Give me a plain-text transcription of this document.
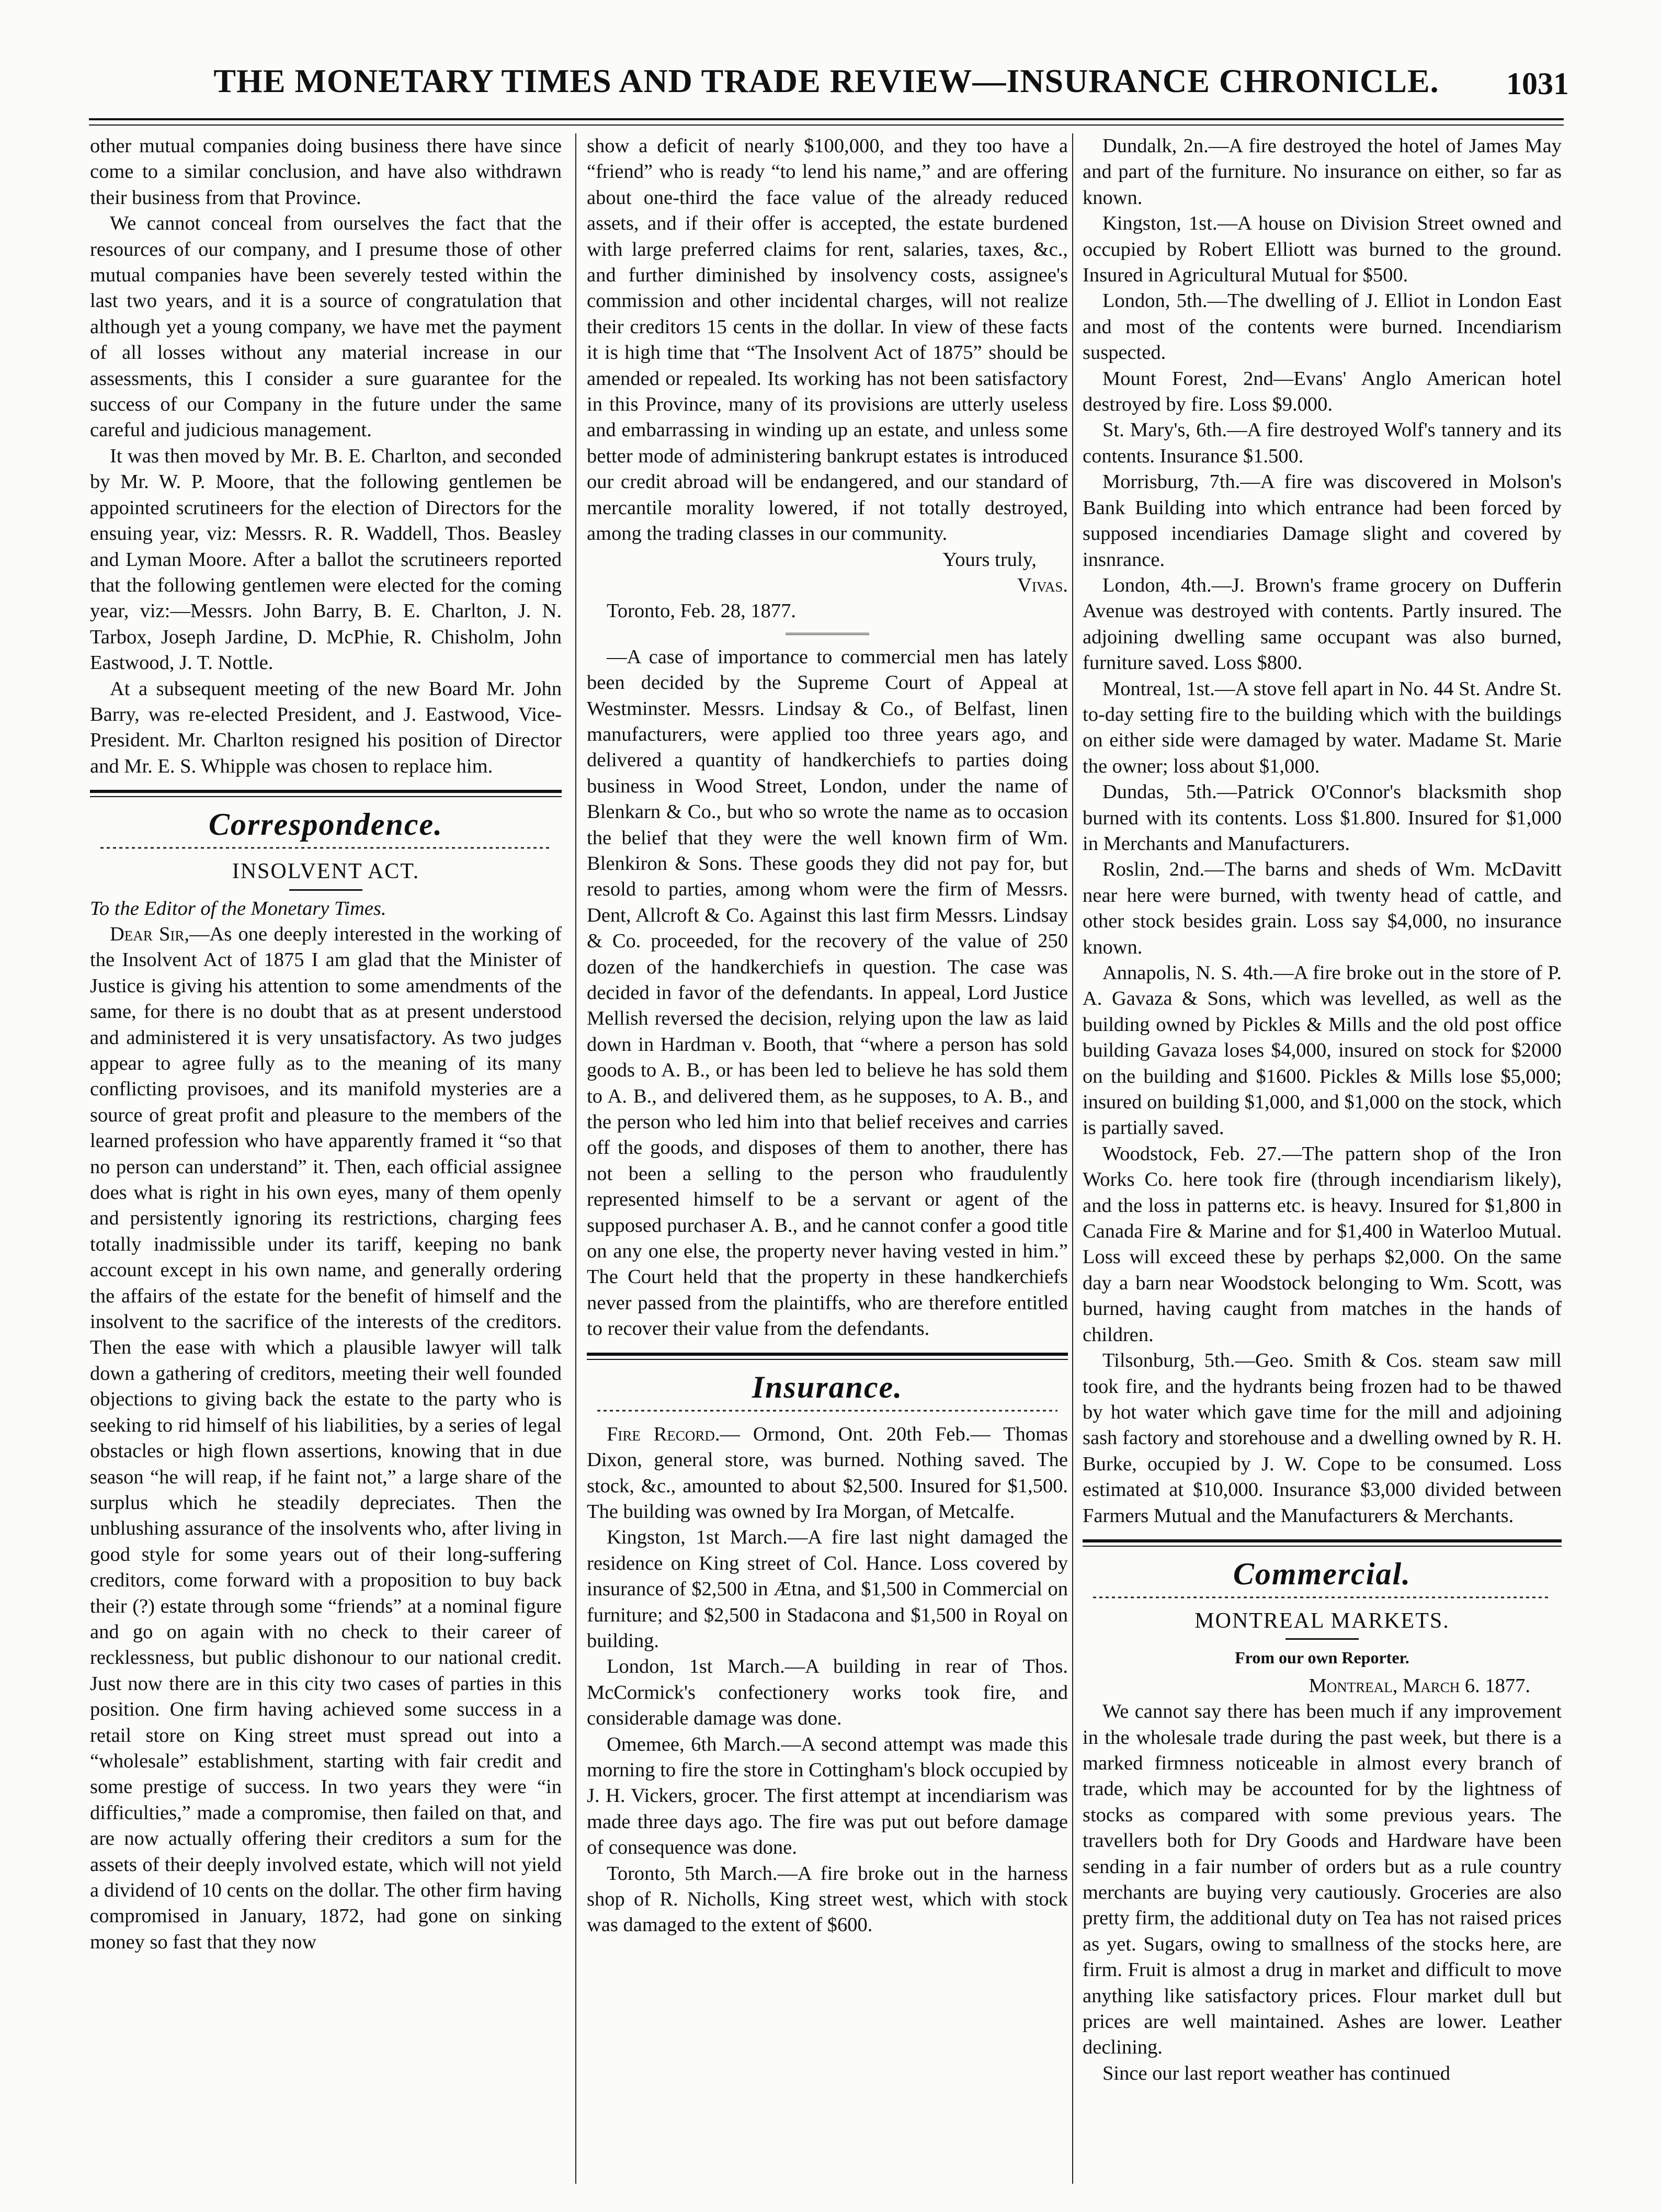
THE MONETARY TIMES AND TRADE REVIEW—INSURANCE CHRONICLE.	1031

other mutual companies doing business there have since come to a similar conclusion, and have also withdrawn their business from that Province.

We cannot conceal from ourselves the fact that the resources of our company, and I presume those of other mutual companies have been severely tested within the last two years, and it is a source of congratulation that although yet a young company, we have met the payment of all losses without any material increase in our assessments, this I consider a sure guarantee for the success of our Company in the future under the same careful and judicious management.

It was then moved by Mr. B. E. Charlton, and seconded by Mr. W. P. Moore, that the following gentlemen be appointed scrutineers for the election of Directors for the ensuing year, viz: Messrs. R. R. Waddell, Thos. Beasley and Lyman Moore. After a ballot the scrutineers reported that the following gentlemen were elected for the coming year, viz:—Messrs. John Barry, B. E. Charlton, J. N. Tarbox, Joseph Jardine, D. McPhie, R. Chisholm, John Eastwood, J. T. Nottle.

At a subsequent meeting of the new Board Mr. John Barry, was re-elected President, and J. Eastwood, Vice-President. Mr. Charlton resigned his position of Director and Mr. E. S. Whipple was chosen to replace him.

Correspondence.
INSOLVENT ACT.

To the Editor of the Monetary Times.

Dear Sir,—As one deeply interested in the working of the Insolvent Act of 1875 I am glad that the Minister of Justice is giving his attention to some amendments of the same, for there is no doubt that as at present understood and administered it is very unsatisfactory. As two judges appear to agree fully as to the meaning of its many conflicting provisoes, and its manifold mysteries are a source of great profit and pleasure to the members of the learned profession who have apparently framed it “so that no person can understand” it. Then, each official assignee does what is right in his own eyes, many of them openly and persistently ignoring its restrictions, charging fees totally inadmissible under its tariff, keeping no bank account except in his own name, and generally ordering the affairs of the estate for the benefit of himself and the insolvent to the sacrifice of the interests of the creditors. Then the ease with which a plausible lawyer will talk down a gathering of creditors, meeting their well founded objections to giving back the estate to the party who is seeking to rid himself of his liabilities, by a series of legal obstacles or high flown assertions, knowing that in due season “he will reap, if he faint not,” a large share of the surplus which he steadily depreciates. Then the unblushing assurance of the insolvents who, after living in good style for some years out of their long-suffering creditors, come forward with a proposition to buy back their (?) estate through some “friends” at a nominal figure and go on again with no check to their career of recklessness, but public dishonour to our national credit. Just now there are in this city two cases of parties in this position. One firm having achieved some success in a retail store on King street must spread out into a “wholesale” establishment, starting with fair credit and some prestige of success. In two years they were “in difficulties,” made a compromise, then failed on that, and are now actually offering their creditors a sum for the assets of their deeply involved estate, which will not yield a dividend of 10 cents on the dollar. The other firm having compromised in January, 1872, had gone on sinking money so fast that they now

show a deficit of nearly $100,000, and they too have a “friend” who is ready “to lend his name,” and are offering about one-third the face value of the already reduced assets, and if their offer is accepted, the estate burdened with large preferred claims for rent, salaries, taxes, &c., and further diminished by insolvency costs, assignee's commission and other incidental charges, will not realize their creditors 15 cents in the dollar. In view of these facts it is high time that “The Insolvent Act of 1875” should be amended or repealed. Its working has not been satisfactory in this Province, many of its provisions are utterly useless and embarrassing in winding up an estate, and unless some better mode of administering bankrupt estates is introduced our credit abroad will be endangered, and our standard of mercantile morality lowered, if not totally destroyed, among the trading classes in our community.

Yours truly,

Vivas.

Toronto, Feb. 28, 1877.

—A case of importance to commercial men has lately been decided by the Supreme Court of Appeal at Westminster. Messrs. Lindsay & Co., of Belfast, linen manufacturers, were applied too three years ago, and delivered a quantity of handkerchiefs to parties doing business in Wood Street, London, under the name of Blenkarn & Co., but who so wrote the name as to occasion the belief that they were the well known firm of Wm. Blenkiron & Sons. These goods they did not pay for, but resold to parties, among whom were the firm of Messrs. Dent, Allcroft & Co. Against this last firm Messrs. Lindsay & Co. proceeded, for the recovery of the value of 250 dozen of the handkerchiefs in question. The case was decided in favor of the defendants. In appeal, Lord Justice Mellish reversed the decision, relying upon the law as laid down in Hardman v. Booth, that “where a person has sold goods to A. B., or has been led to believe he has sold them to A. B., and delivered them, as he supposes, to A. B., and the person who led him into that belief receives and carries off the goods, and disposes of them to another, there has not been a selling to the person who fraudulently represented himself to be a servant or agent of the supposed purchaser A. B., and he cannot confer a good title on any one else, the property never having vested in him.” The Court held that the property in these handkerchiefs never passed from the plaintiffs, who are therefore entitled to recover their value from the defendants.

Insurance.

Fire Record.— Ormond, Ont. 20th Feb.— Thomas Dixon, general store, was burned. Nothing saved. The stock, &c., amounted to about $2,500. Insured for $1,500. The building was owned by Ira Morgan, of Metcalfe.

Kingston, 1st March.—A fire last night damaged the residence on King street of Col. Hance. Loss covered by insurance of $2,500 in Ætna, and $1,500 in Commercial on furniture; and $2,500 in Stadacona and $1,500 in Royal on building.

London, 1st March.—A building in rear of Thos. McCormick's confectionery works took fire, and considerable damage was done.

Omemee, 6th March.—A second attempt was made this morning to fire the store in Cottingham's block occupied by J. H. Vickers, grocer. The first attempt at incendiarism was made three days ago. The fire was put out before damage of consequence was done.

Toronto, 5th March.—A fire broke out in the harness shop of R. Nicholls, King street west, which with stock was damaged to the extent of $600.

Dundalk, 2n.—A fire destroyed the hotel of James May and part of the furniture. No insurance on either, so far as known.

Kingston, 1st.—A house on Division Street owned and occupied by Robert Elliott was burned to the ground. Insured in Agricultural Mutual for $500.

London, 5th.—The dwelling of J. Elliot in London East and most of the contents were burned. Incendiarism suspected.

Mount Forest, 2nd—Evans' Anglo American hotel destroyed by fire. Loss $9.000.

St. Mary's, 6th.—A fire destroyed Wolf's tannery and its contents. Insurance $1.500.

Morrisburg, 7th.—A fire was discovered in Molson's Bank Building into which entrance had been forced by supposed incendiaries Damage slight and covered by insnrance.

London, 4th.—J. Brown's frame grocery on Dufferin Avenue was destroyed with contents. Partly insured. The adjoining dwelling same occupant was also burned, furniture saved. Loss $800.

Montreal, 1st.—A stove fell apart in No. 44 St. Andre St. to-day setting fire to the building which with the buildings on either side were damaged by water. Madame St. Marie the owner; loss about $1,000.

Dundas, 5th.—Patrick O'Connor's blacksmith shop burned with its contents. Loss $1.800. Insured for $1,000 in Merchants and Manufacturers.

Roslin, 2nd.—The barns and sheds of Wm. McDavitt near here were burned, with twenty head of cattle, and other stock besides grain. Loss say $4,000, no insurance known.

Annapolis, N. S. 4th.—A fire broke out in the store of P. A. Gavaza & Sons, which was levelled, as well as the building owned by Pickles & Mills and the old post office building Gavaza loses $4,000, insured on stock for $2000 on the building and $1600. Pickles & Mills lose $5,000; insured on building $1,000, and $1,000 on the stock, which is partially saved.

Woodstock, Feb. 27.—The pattern shop of the Iron Works Co. here took fire (through incendiarism likely), and the loss in patterns etc. is heavy. Insured for $1,800 in Canada Fire & Marine and for $1,400 in Waterloo Mutual. Loss will exceed these by perhaps $2,000. On the same day a barn near Woodstock belonging to Wm. Scott, was burned, having caught from matches in the hands of children.

Tilsonburg, 5th.—Geo. Smith & Cos. steam saw mill took fire, and the hydrants being frozen had to be thawed by hot water which gave time for the mill and adjoining sash factory and storehouse and a dwelling owned by R. H. Burke, occupied by J. W. Cope to be consumed. Loss estimated at $10,000. Insurance $3,000 divided between Farmers Mutual and the Manufacturers & Merchants.

Commercial.
MONTREAL MARKETS.
From our own Reporter.

Montreal, March 6. 1877.

We cannot say there has been much if any improvement in the wholesale trade during the past week, but there is a marked firmness noticeable in almost every branch of trade, which may be accounted for by the lightness of stocks as compared with some previous years. The travellers both for Dry Goods and Hardware have been sending in a fair number of orders but as a rule country merchants are buying very cautiously. Groceries are also pretty firm, the additional duty on Tea has not raised prices as yet. Sugars, owing to smallness of the stocks here, are firm. Fruit is almost a drug in market and difficult to move anything like satisfactory prices. Flour market dull but prices are well maintained. Ashes are lower. Leather declining.

Since our last report weather has continued
